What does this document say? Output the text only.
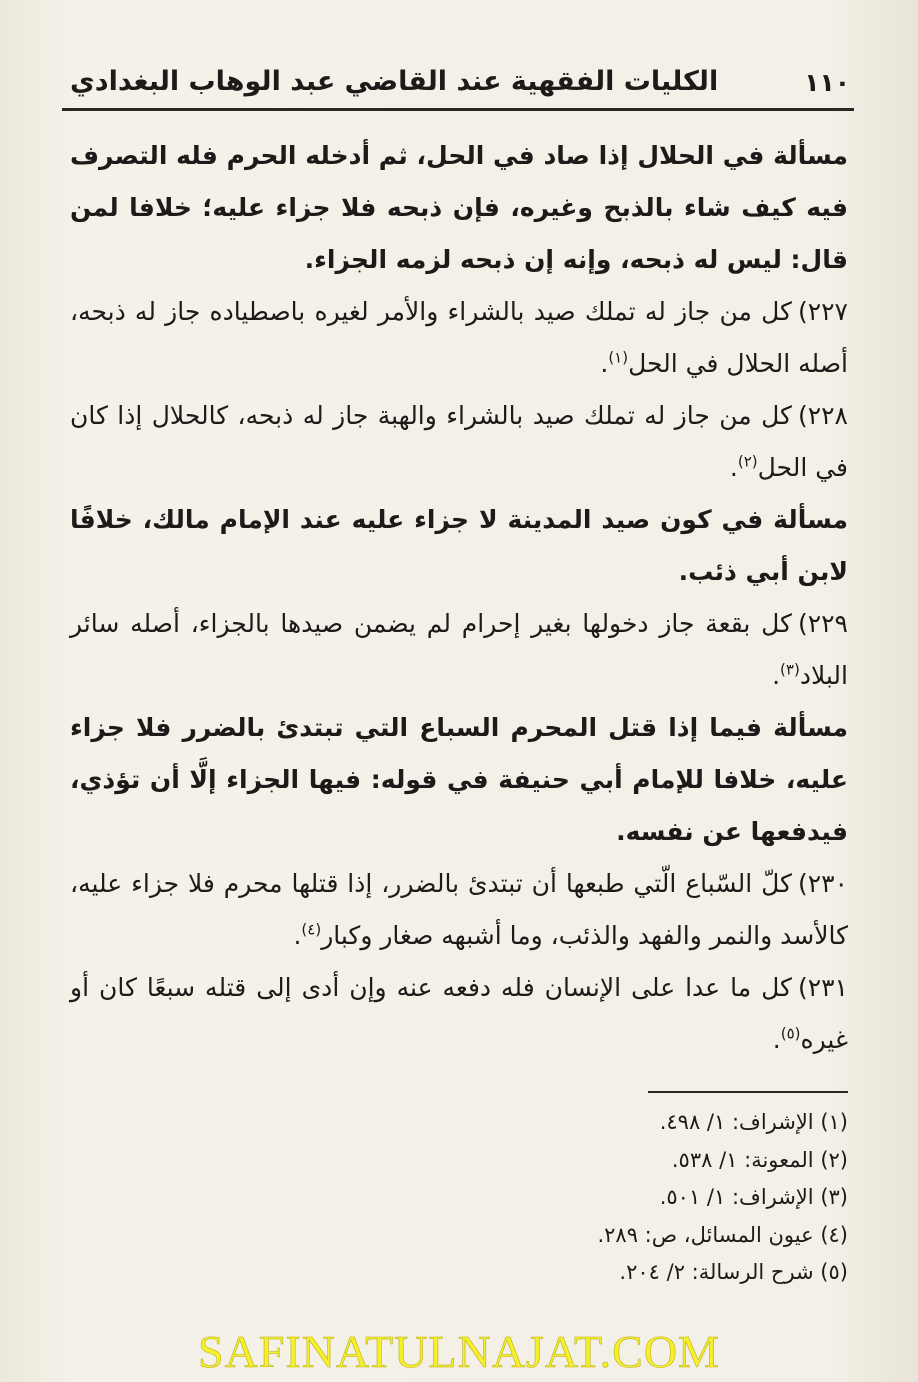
١١٠
الكليات الفقهية عند القاضي عبد الوهاب البغدادي

مسألة في الحلال إذا صاد في الحل، ثم أدخله الحرم فله التصرف فيه كيف شاء بالذبح وغيره، فإن ذبحه فلا جزاء عليه؛ خلافا لمن قال: ليس له ذبحه، وإنه إن ذبحه لزمه الجزاء.

٢٢٧)كل من جاز له تملك صيد بالشراء والأمر لغيره باصطياده جاز له ذبحه، أصله الحلال في الحل$^{(١)}$.

٢٢٨)كل من جاز له تملك صيد بالشراء والهبة جاز له ذبحه، كالحلال إذا كان في الحل$^{(٢)}$.

مسألة في كون صيد المدينة لا جزاء عليه عند الإمام مالك، خلافًا لابن أبي ذئب.

٢٢٩)كل بقعة جاز دخولها بغير إحرام لم يضمن صيدها بالجزاء، أصله سائر البلاد$^{(٣)}$.

مسألة فيما إذا قتل المحرم السباع التي تبتدئ بالضرر فلا جزاء عليه، خلافا للإمام أبي حنيفة في قوله: فيها الجزاء إلَّا أن تؤذي، فيدفعها عن نفسه.

٢٣٠)كلّ السّباع الّتي طبعها أن تبتدئ بالضرر، إذا قتلها محرم فلا جزاء عليه، كالأسد والنمر والفهد والذئب، وما أشبهه صغار وكبار$^{(٤)}$.

٢٣١)كل ما عدا على الإنسان فله دفعه عنه وإن أدى إلى قتله سبعًا كان أو غيره$^{(٥)}$.

(١) الإشراف: ١/ ٤٩٨.
(٢) المعونة: ١/ ٥٣٨.
(٣) الإشراف: ١/ ٥٠١.
(٤) عيون المسائل، ص: ٢٨٩.
(٥) شرح الرسالة: ٢/ ٢٠٤.
SAFINATULNAJAT.COM
